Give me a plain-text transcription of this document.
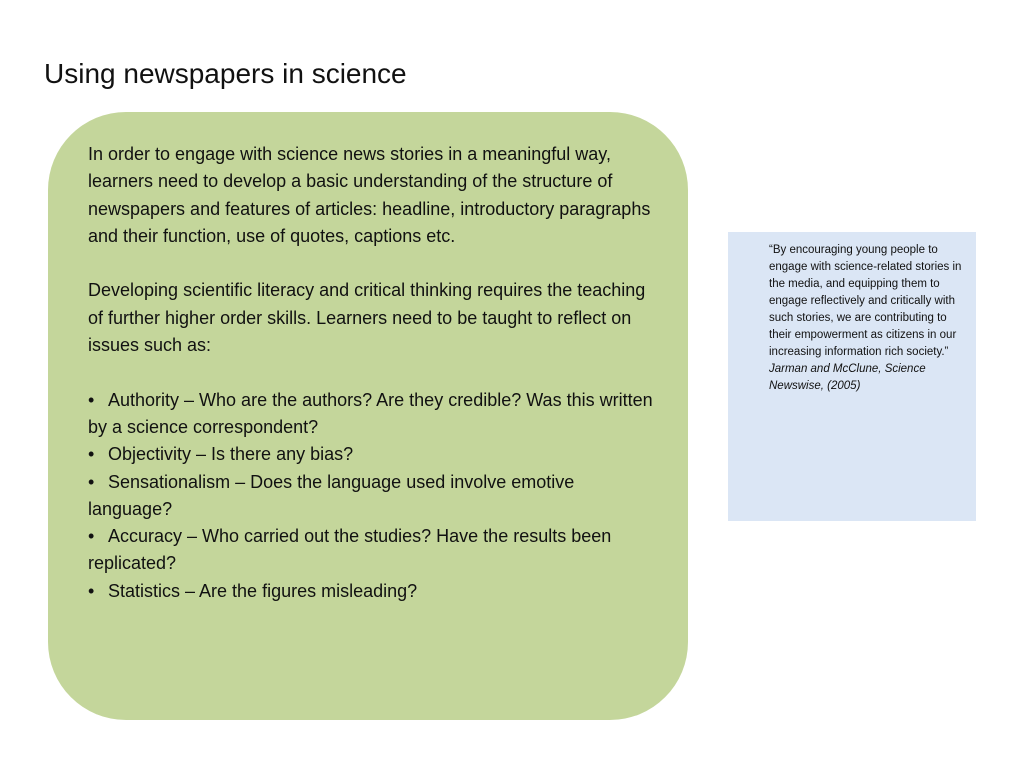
Using newspapers in science

In order to engage with science news stories in a meaningful way, learners need to develop a basic understanding of the structure of newspapers and features of articles: headline, introductory paragraphs and their function, use of quotes, captions etc.

Developing scientific literacy and critical thinking requires the teaching of further higher order skills. Learners need to be taught to reflect on issues such as:

• Authority – Who are the authors? Are they credible? Was this written by a science correspondent?

• Objectivity – Is there any bias?

• Sensationalism – Does the language used involve emotive language?

• Accuracy – Who carried out the studies? Have the results been replicated?

• Statistics – Are the figures misleading?

“By encouraging young people to engage with science-related stories in the media, and equipping them to engage reflectively and critically with such stories, we are contributing to their empowerment as citizens in our increasing information rich society.”

Jarman and McClune, Science Newswise, (2005)
